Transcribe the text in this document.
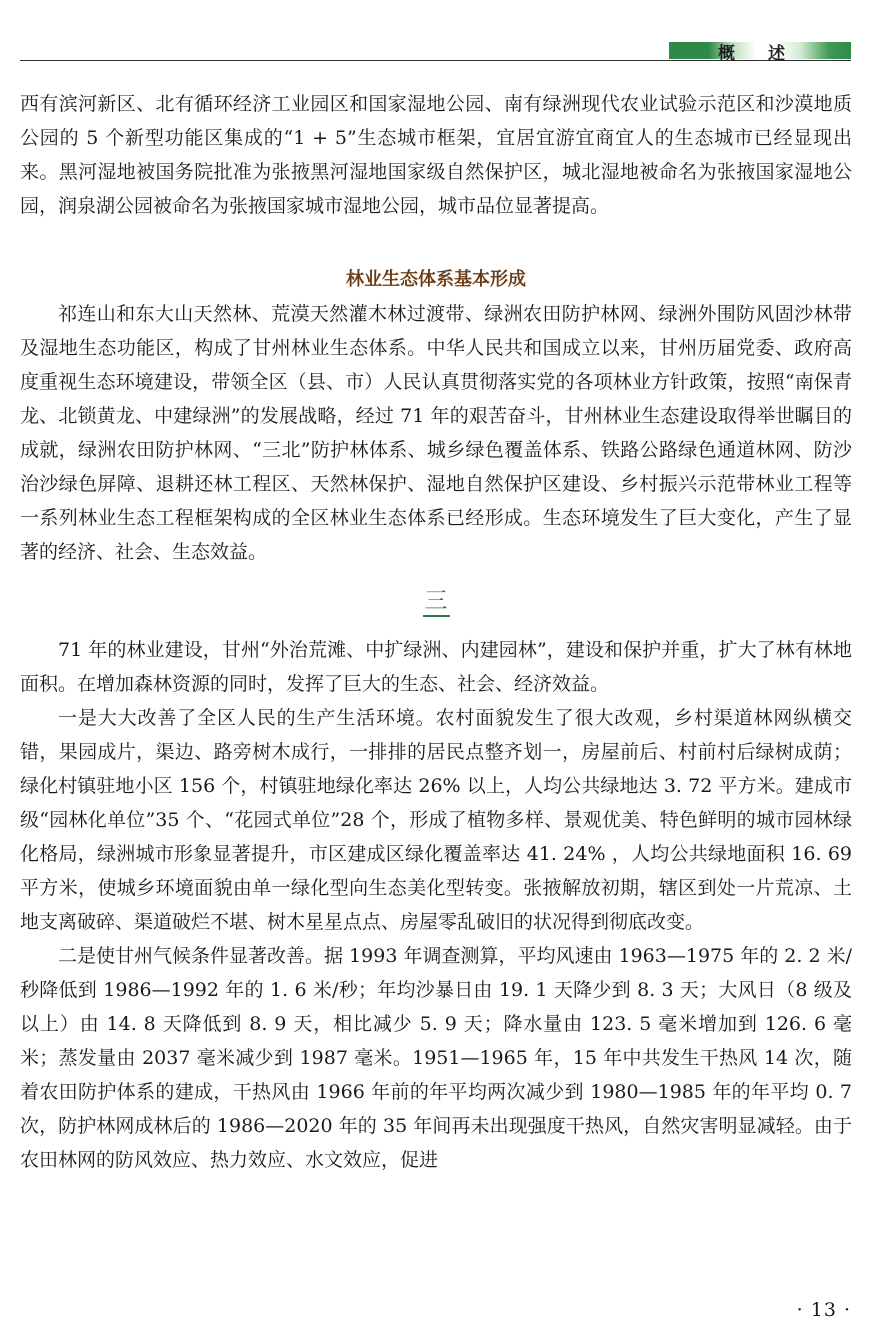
概　述

西有滨河新区、北有循环经济工业园区和国家湿地公园、南有绿洲现代农业试验示范区和沙漠地质公园的 5 个新型功能区集成的“1 + 5”生态城市框架，宜居宜游宜商宜人的生态城市已经显现出来。黑河湿地被国务院批准为张掖黑河湿地国家级自然保护区，城北湿地被命名为张掖国家湿地公园，润泉湖公园被命名为张掖国家城市湿地公园，城市品位显著提高。

林业生态体系基本形成

祁连山和东大山天然林、荒漠天然灌木林过渡带、绿洲农田防护林网、绿洲外围防风固沙林带及湿地生态功能区，构成了甘州林业生态体系。中华人民共和国成立以来，甘州历届党委、政府高度重视生态环境建设，带领全区（县、市）人民认真贯彻落实党的各项林业方针政策，按照“南保青龙、北锁黄龙、中建绿洲”的发展战略，经过 71 年的艰苦奋斗，甘州林业生态建设取得举世瞩目的成就，绿洲农田防护林网、“三北”防护林体系、城乡绿色覆盖体系、铁路公路绿色通道林网、防沙治沙绿色屏障、退耕还林工程区、天然林保护、湿地自然保护区建设、乡村振兴示范带林业工程等一系列林业生态工程框架构成的全区林业生态体系已经形成。生态环境发生了巨大变化，产生了显著的经济、社会、生态效益。

三

71 年的林业建设，甘州“外治荒滩、中扩绿洲、内建园林”，建设和保护并重，扩大了林有林地面积。在增加森林资源的同时，发挥了巨大的生态、社会、经济效益。

一是大大改善了全区人民的生产生活环境。农村面貌发生了很大改观，乡村渠道林网纵横交错，果园成片，渠边、路旁树木成行，一排排的居民点整齐划一，房屋前后、村前村后绿树成荫；绿化村镇驻地小区 156 个，村镇驻地绿化率达 26% 以上，人均公共绿地达 3. 72 平方米。建成市级“园林化单位”35 个、“花园式单位”28 个，形成了植物多样、景观优美、特色鲜明的城市园林绿化格局，绿洲城市形象显著提升，市区建成区绿化覆盖率达 41. 24% ，人均公共绿地面积 16. 69 平方米，使城乡环境面貌由单一绿化型向生态美化型转变。张掖解放初期，辖区到处一片荒凉、土地支离破碎、渠道破烂不堪、树木星星点点、房屋零乱破旧的状况得到彻底改变。

二是使甘州气候条件显著改善。据 1993 年调查测算，平均风速由 1963—1975 年的 2. 2 米/秒降低到 1986—1992 年的 1. 6 米/秒；年均沙暴日由 19. 1 天降少到 8. 3 天；大风日（8 级及以上）由 14. 8 天降低到 8. 9 天，相比减少 5. 9 天；降水量由 123. 5 毫米增加到 126. 6 毫米；蒸发量由 2037 毫米减少到 1987 毫米。1951—1965 年，15 年中共发生干热风 14 次，随着农田防护体系的建成，干热风由 1966 年前的年平均两次减少到 1980—1985 年的年平均 0. 7 次，防护林网成林后的 1986—2020 年的 35 年间再未出现强度干热风，自然灾害明显减轻。由于农田林网的防风效应、热力效应、水文效应，促进

· 13 ·
